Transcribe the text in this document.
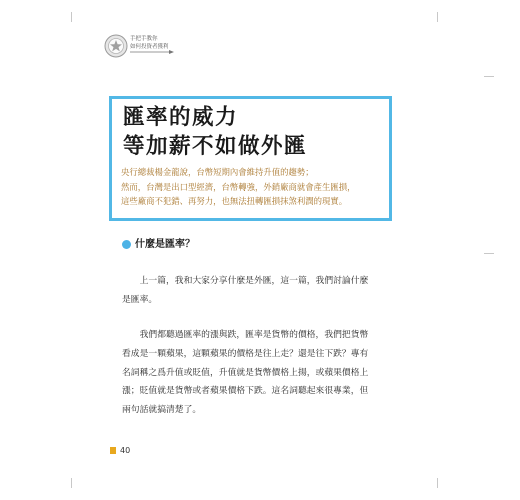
手把手教你
如何投資者獲利
匯率的威力
等加薪不如做外匯
央行總裁楊金龍說，台幣短期內會維持升值的趨勢；
然而，台灣是出口型經濟，台幣轉強，外銷廠商就會產生匯損，
這些廠商不犯錯、再努力，也無法扭轉匯損抹煞利潤的現實。
什麼是匯率？
上一篇，我和大家分享什麼是外匯，這一篇，我們討論什麼
是匯率。
我們都聽過匯率的漲與跌，匯率是貨幣的價格，我們把貨幣
看成是一顆蘋果，這顆蘋果的價格是往上走？還是往下跌？專有
名詞稱之爲升值或貶值，升值就是貨幣價格上揚，或蘋果價格上
漲；貶值就是貨幣或者蘋果價格下跌。這名詞聽起來很專業，但
兩句話就搞清楚了。
40
